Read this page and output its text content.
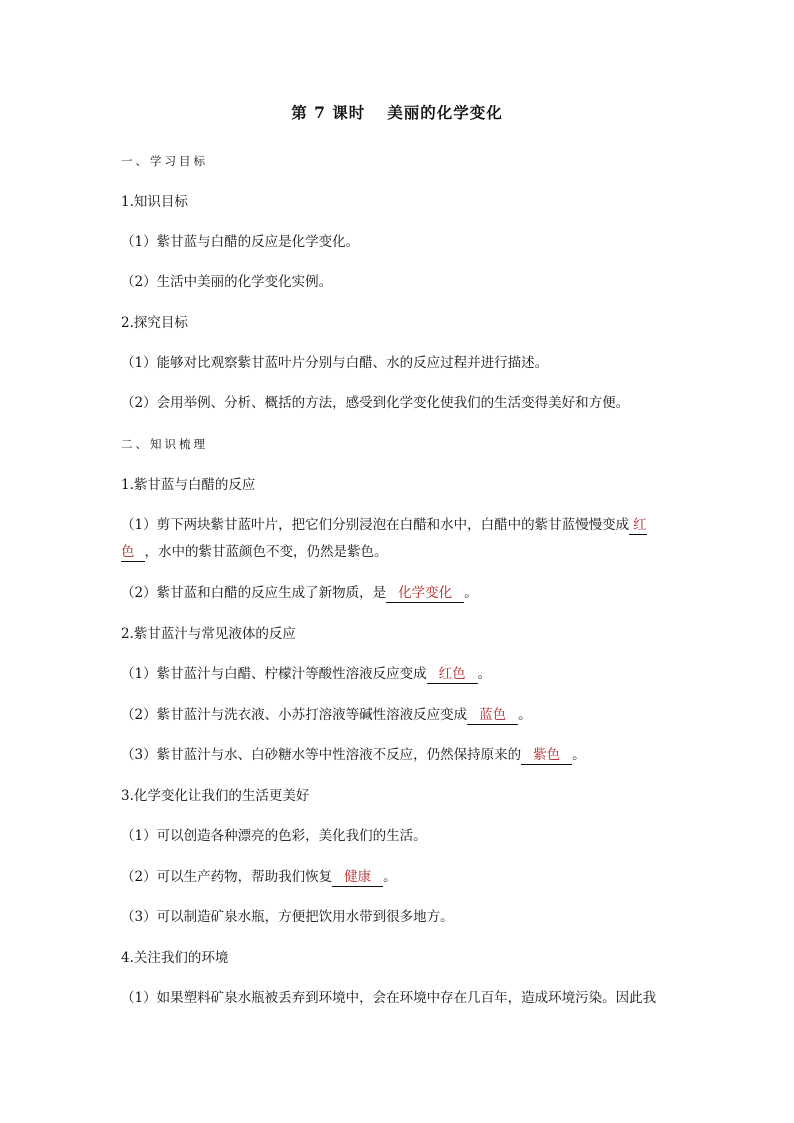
第 7 课时 美丽的化学变化
一、学习目标
1.知识目标
（1）紫甘蓝与白醋的反应是化学变化。
（2）生活中美丽的化学变化实例。
2.探究目标
（1）能够对比观察紫甘蓝叶片分别与白醋、水的反应过程并进行描述。
（2）会用举例、分析、概括的方法，感受到化学变化使我们的生活变得美好和方便。
二、知识梳理
1.紫甘蓝与白醋的反应
（1）剪下两块紫甘蓝叶片，把它们分别浸泡在白醋和水中，白醋中的紫甘蓝慢慢变成 红
色 ，水中的紫甘蓝颜色不变，仍然是紫色。
（2）紫甘蓝和白醋的反应生成了新物质，是 化学变化 。
2.紫甘蓝汁与常见液体的反应
（1）紫甘蓝汁与白醋、柠檬汁等酸性溶液反应变成 红色 。
（2）紫甘蓝汁与洗衣液、小苏打溶液等碱性溶液反应变成 蓝色 。
（3）紫甘蓝汁与水、白砂糖水等中性溶液不反应，仍然保持原来的 紫色 。
3.化学变化让我们的生活更美好
（1）可以创造各种漂亮的色彩，美化我们的生活。
（2）可以生产药物，帮助我们恢复 健康 。
（3）可以制造矿泉水瓶，方便把饮用水带到很多地方。
4.关注我们的环境
（1）如果塑料矿泉水瓶被丢弃到环境中，会在环境中存在几百年，造成环境污染。因此我
